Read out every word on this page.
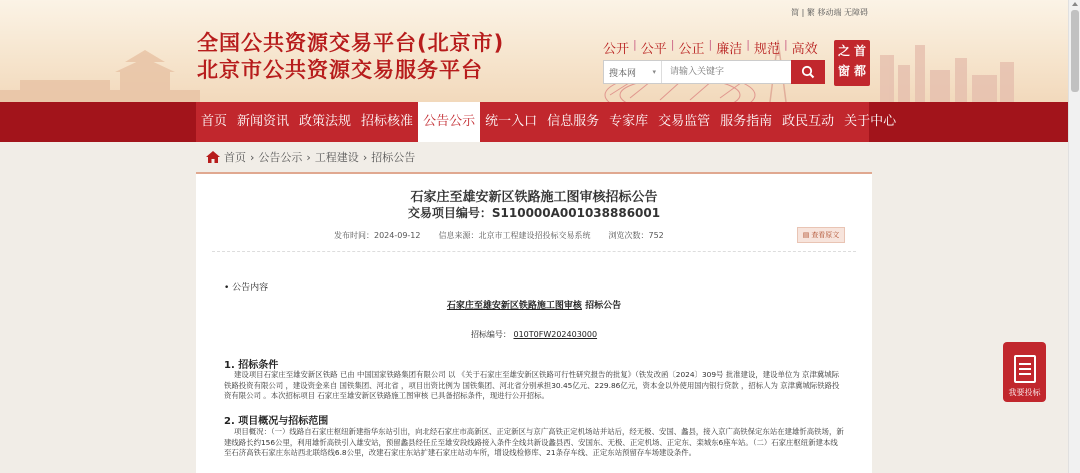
简 | 繁 移动端 无障碍
全国公共资源交易平台(北京市)
北京市公共资源交易服务平台
公开 | 公平 | 公正 | 廉洁 | 规范 | 高效
搜本网 ▾
请输入关键字
之 首
窗 都
首页 新闻资讯 政策法规 招标核准 公告公示 统一入口 信息服务 专家库 交易监管 服务指南 政民互动 关于中心
首页 › 公告公示 › 工程建设 › 招标公告
石家庄至雄安新区铁路施工图审核招标公告
交易项目编号：S110000A001038886001
发布时间：2024-09-12 信息来源：北京市工程建设招投标交易系统 浏览次数：752	▤ 查看原文
• 公告内容
石家庄至雄安新区铁路施工图审核 招标公告
招标编号： 010T0FW202403000
1. 招标条件
建设项目石家庄至雄安新区铁路 已由 中国国家铁路集团有限公司 以 《关于石家庄至雄安新区铁路可行性研究报告的批复》（铁发改函〔2024〕309号 批准建设，建设单位为 京津冀城际铁路投资有限公司 ，建设资金来自 国铁集团、河北省 ，项目出资比例为 国铁集团、河北省分别承担30.45亿元、229.86亿元，资本金以外使用国内银行贷款 ，招标人为 京津冀城际铁路投资有限公司 。本次招标项目 石家庄至雄安新区铁路施工图审核 已具备招标条件，现进行公开招标。
2. 项目概况与招标范围
项目概况：（一）线路自石家庄枢纽新建指华东站引出，向北经石家庄市高新区、正定新区与京广高铁正定机场站并站后，经无极、安国、蠡县，接入京广高铁保定东站在建雄忻高铁场，新建线路长约156公里，利用雄忻高铁引入雄安站，预留蠡县经任丘至雄安段线路接入条件全线共新设蠡县西、安国东、无极、正定机场、正定东、栾城东6座车站。（二）石家庄枢纽新建本线至石济高铁石家庄东站西北联络线6.8公里，改建石家庄东站扩建石家庄站动车所，增设线检修库、21条存车线、正定东站预留存车场建设条件。
我要投标
